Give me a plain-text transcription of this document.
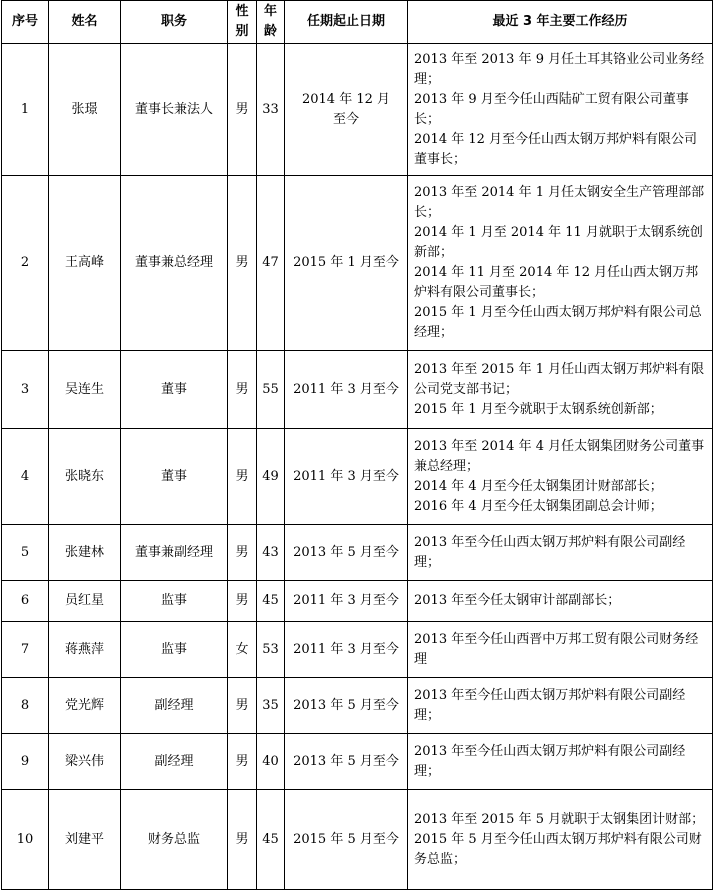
序号	姓名	职务	性别	年龄	任期起止日期	最近 3 年主要工作经历
1	张璟	董事长兼法人	男	33	2014 年 12 月至今	2013 年至 2013 年 9 月任土耳其铬业公司业务经理；
2013 年 9 月至今任山西陆矿工贸有限公司董事长；
2014 年 12 月至今任山西太钢万邦炉料有限公司董事长；

2	王高峰	董事兼总经理	男	47	2015 年 1 月至今	2013 年至 2014 年 1 月任太钢安全生产管理部部长；
2014 年 1 月至 2014 年 11 月就职于太钢系统创新部；
2014 年 11 月至 2014 年 12 月任山西太钢万邦炉料有限公司董事长；
2015 年 1 月至今任山西太钢万邦炉料有限公司总经理；

3	吴连生	董事	男	55	2011 年 3 月至今	2013 年至 2015 年 1 月任山西太钢万邦炉料有限公司党支部书记；
2015 年 1 月至今就职于太钢系统创新部；

4	张晓东	董事	男	49	2011 年 3 月至今	2013 年至 2014 年 4 月任太钢集团财务公司董事兼总经理；
2014 年 4 月至今任太钢集团计财部部长；
2016 年 4 月至今任太钢集团副总会计师；

5	张建林	董事兼副经理	男	43	2013 年 5 月至今	2013 年至今任山西太钢万邦炉料有限公司副经理；

6	员红星	监事	男	45	2011 年 3 月至今	2013 年至今任太钢审计部副部长；

7	蒋燕萍	监事	女	53	2011 年 3 月至今	2013 年至今任山西晋中万邦工贸有限公司财务经理

8	党光辉	副经理	男	35	2013 年 5 月至今	2013 年至今任山西太钢万邦炉料有限公司副经理；

9	梁兴伟	副经理	男	40	2013 年 5 月至今	2013 年至今任山西太钢万邦炉料有限公司副经理；

10	刘建平	财务总监	男	45	2015 年 5 月至今	2013 年至 2015 年 5 月就职于太钢集团计财部；
2015 年 5 月至今任山西太钢万邦炉料有限公司财务总监；
